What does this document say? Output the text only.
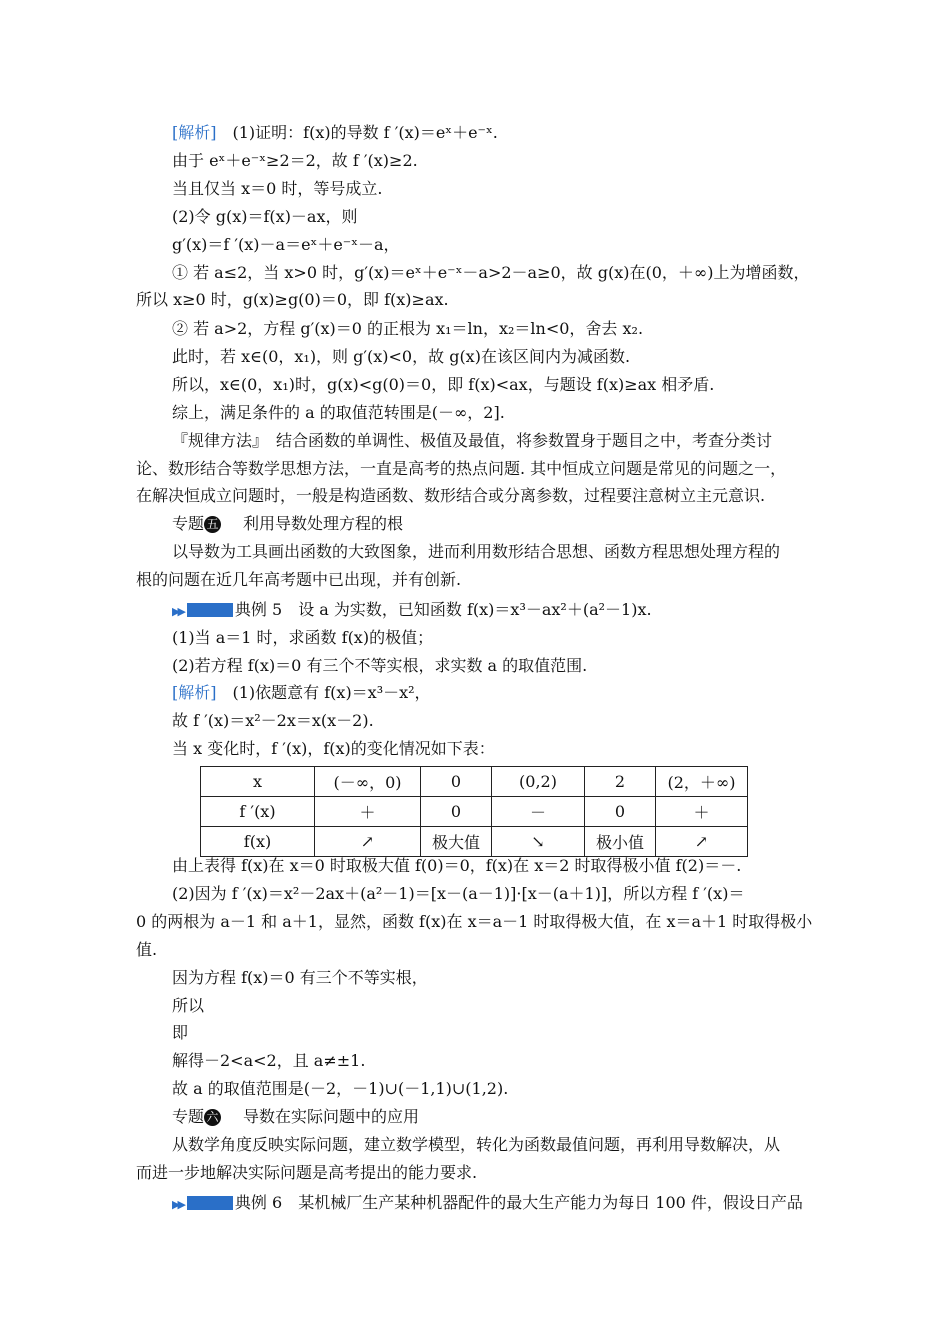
[解析]　(1)证明：f(x)的导数 f ′(x)＝eˣ＋e⁻ˣ.
由于 eˣ＋e⁻ˣ≥2＝2，故 f ′(x)≥2.
当且仅当 x＝0 时，等号成立.
(2)令 g(x)＝f(x)－ax，则
g′(x)＝f ′(x)－a＝eˣ＋e⁻ˣ－a，
① 若 a≤2，当 x>0 时，g′(x)＝eˣ＋e⁻ˣ－a>2－a≥0，故 g(x)在(0，＋∞)上为增函数，
所以 x≥0 时，g(x)≥g(0)＝0，即 f(x)≥ax.
② 若 a>2，方程 g′(x)＝0 的正根为 x₁＝ln，x₂＝ln<0，舍去 x₂.
此时，若 x∈(0，x₁)，则 g′(x)<0，故 g(x)在该区间内为减函数.
所以，x∈(0，x₁)时，g(x)<g(0)＝0，即 f(x)<ax，与题设 f(x)≥ax 相矛盾.
综上，满足条件的 a 的取值范转围是(－∞，2].
『规律方法』　结合函数的单调性、极值及最值，将参数置身于题目之中，考查分类讨
论、数形结合等数学思想方法，一直是高考的热点问题. 其中恒成立问题是常见的问题之一，
在解决恒成立问题时，一般是构造函数、数形结合或分离参数，过程要注意树立主元意识.
专题 五　利用导数处理方程的根
以导数为工具画出函数的大致图象，进而利用数形结合思想、函数方程思想处理方程的
根的问题在近几年高考题中已出现，并有创新.
▶▶	典例 5　设 a 为实数，已知函数 f(x)＝x³－ax²＋(a²－1)x.
(1)当 a＝1 时，求函数 f(x)的极值；
(2)若方程 f(x)＝0 有三个不等实根，求实数 a 的取值范围.
[解析]　(1)依题意有 f(x)＝x³－x²，
故 f ′(x)＝x²－2x＝x(x－2).
当 x 变化时，f ′(x)，f(x)的变化情况如下表：
x	(－∞，0)	0	(0,2)	2	(2，＋∞)
f ′(x)	＋	0	－	0	＋
f(x)	↗	极大值	↘	极小值	↗
由上表得 f(x)在 x＝0 时取极大值 f(0)＝0，f(x)在 x＝2 时取得极小值 f(2)＝－.
(2)因为 f ′(x)＝x²－2ax＋(a²－1)＝[x－(a－1)]·[x－(a＋1)]，所以方程 f ′(x)＝
0 的两根为 a－1 和 a＋1，显然，函数 f(x)在 x＝a－1 时取得极大值，在 x＝a＋1 时取得极小
值.
因为方程 f(x)＝0 有三个不等实根，
所以
即
解得－2<a<2，且 a≠±1.
故 a 的取值范围是(－2，－1)∪(－1,1)∪(1,2).
专题 六　导数在实际问题中的应用
从数学角度反映实际问题，建立数学模型，转化为函数最值问题，再利用导数解决，从
而进一步地解决实际问题是高考提出的能力要求.
▶▶	典例 6　某机械厂生产某种机器配件的最大生产能力为每日 100 件，假设日产品
